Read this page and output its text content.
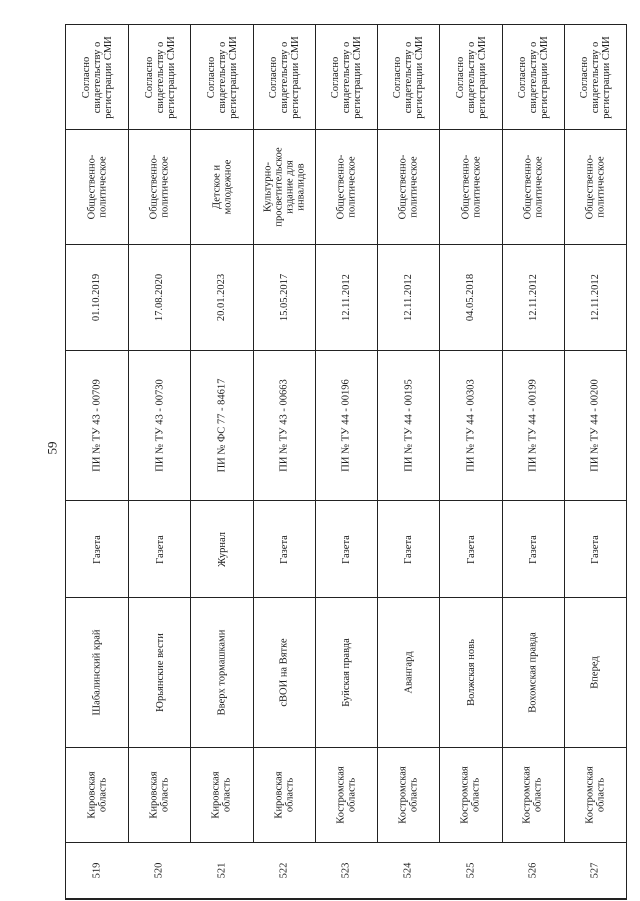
59
519
Кировская область
Шабалинский край
Газета
ПИ № ТУ 43 - 00709
01.10.2019
Общественно- политическое
Согласно свидетельству о регистрации СМИ
520
Кировская область
Юрьянские вести
Газета
ПИ № ТУ 43 - 00730
17.08.2020
Общественно- политическое
Согласно свидетельству о регистрации СМИ
521
Кировская область
Вверх тормашками
Журнал
ПИ № ФС 77 - 84617
20.01.2023
Детское и молодежное
Согласно свидетельству о регистрации СМИ
522
Кировская область
сВОИ на Вятке
Газета
ПИ № ТУ 43 - 00663
15.05.2017
Культурно- просветительское издание для инвалидов
Согласно свидетельству о регистрации СМИ
523
Костромская область
Буйская правда
Газета
ПИ № ТУ 44 - 00196
12.11.2012
Общественно- политическое
Согласно свидетельству о регистрации СМИ
524
Костромская область
Авангард
Газета
ПИ № ТУ 44 - 00195
12.11.2012
Общественно- политическое
Согласно свидетельству о регистрации СМИ
525
Костромская область
Волжская новь
Газета
ПИ № ТУ 44 - 00303
04.05.2018
Общественно- политическое
Согласно свидетельству о регистрации СМИ
526
Костромская область
Вохомская правда
Газета
ПИ № ТУ 44 - 00199
12.11.2012
Общественно- политическое
Согласно свидетельству о регистрации СМИ
527
Костромская область
Вперед
Газета
ПИ № ТУ 44 - 00200
12.11.2012
Общественно- политическое
Согласно свидетельству о регистрации СМИ
